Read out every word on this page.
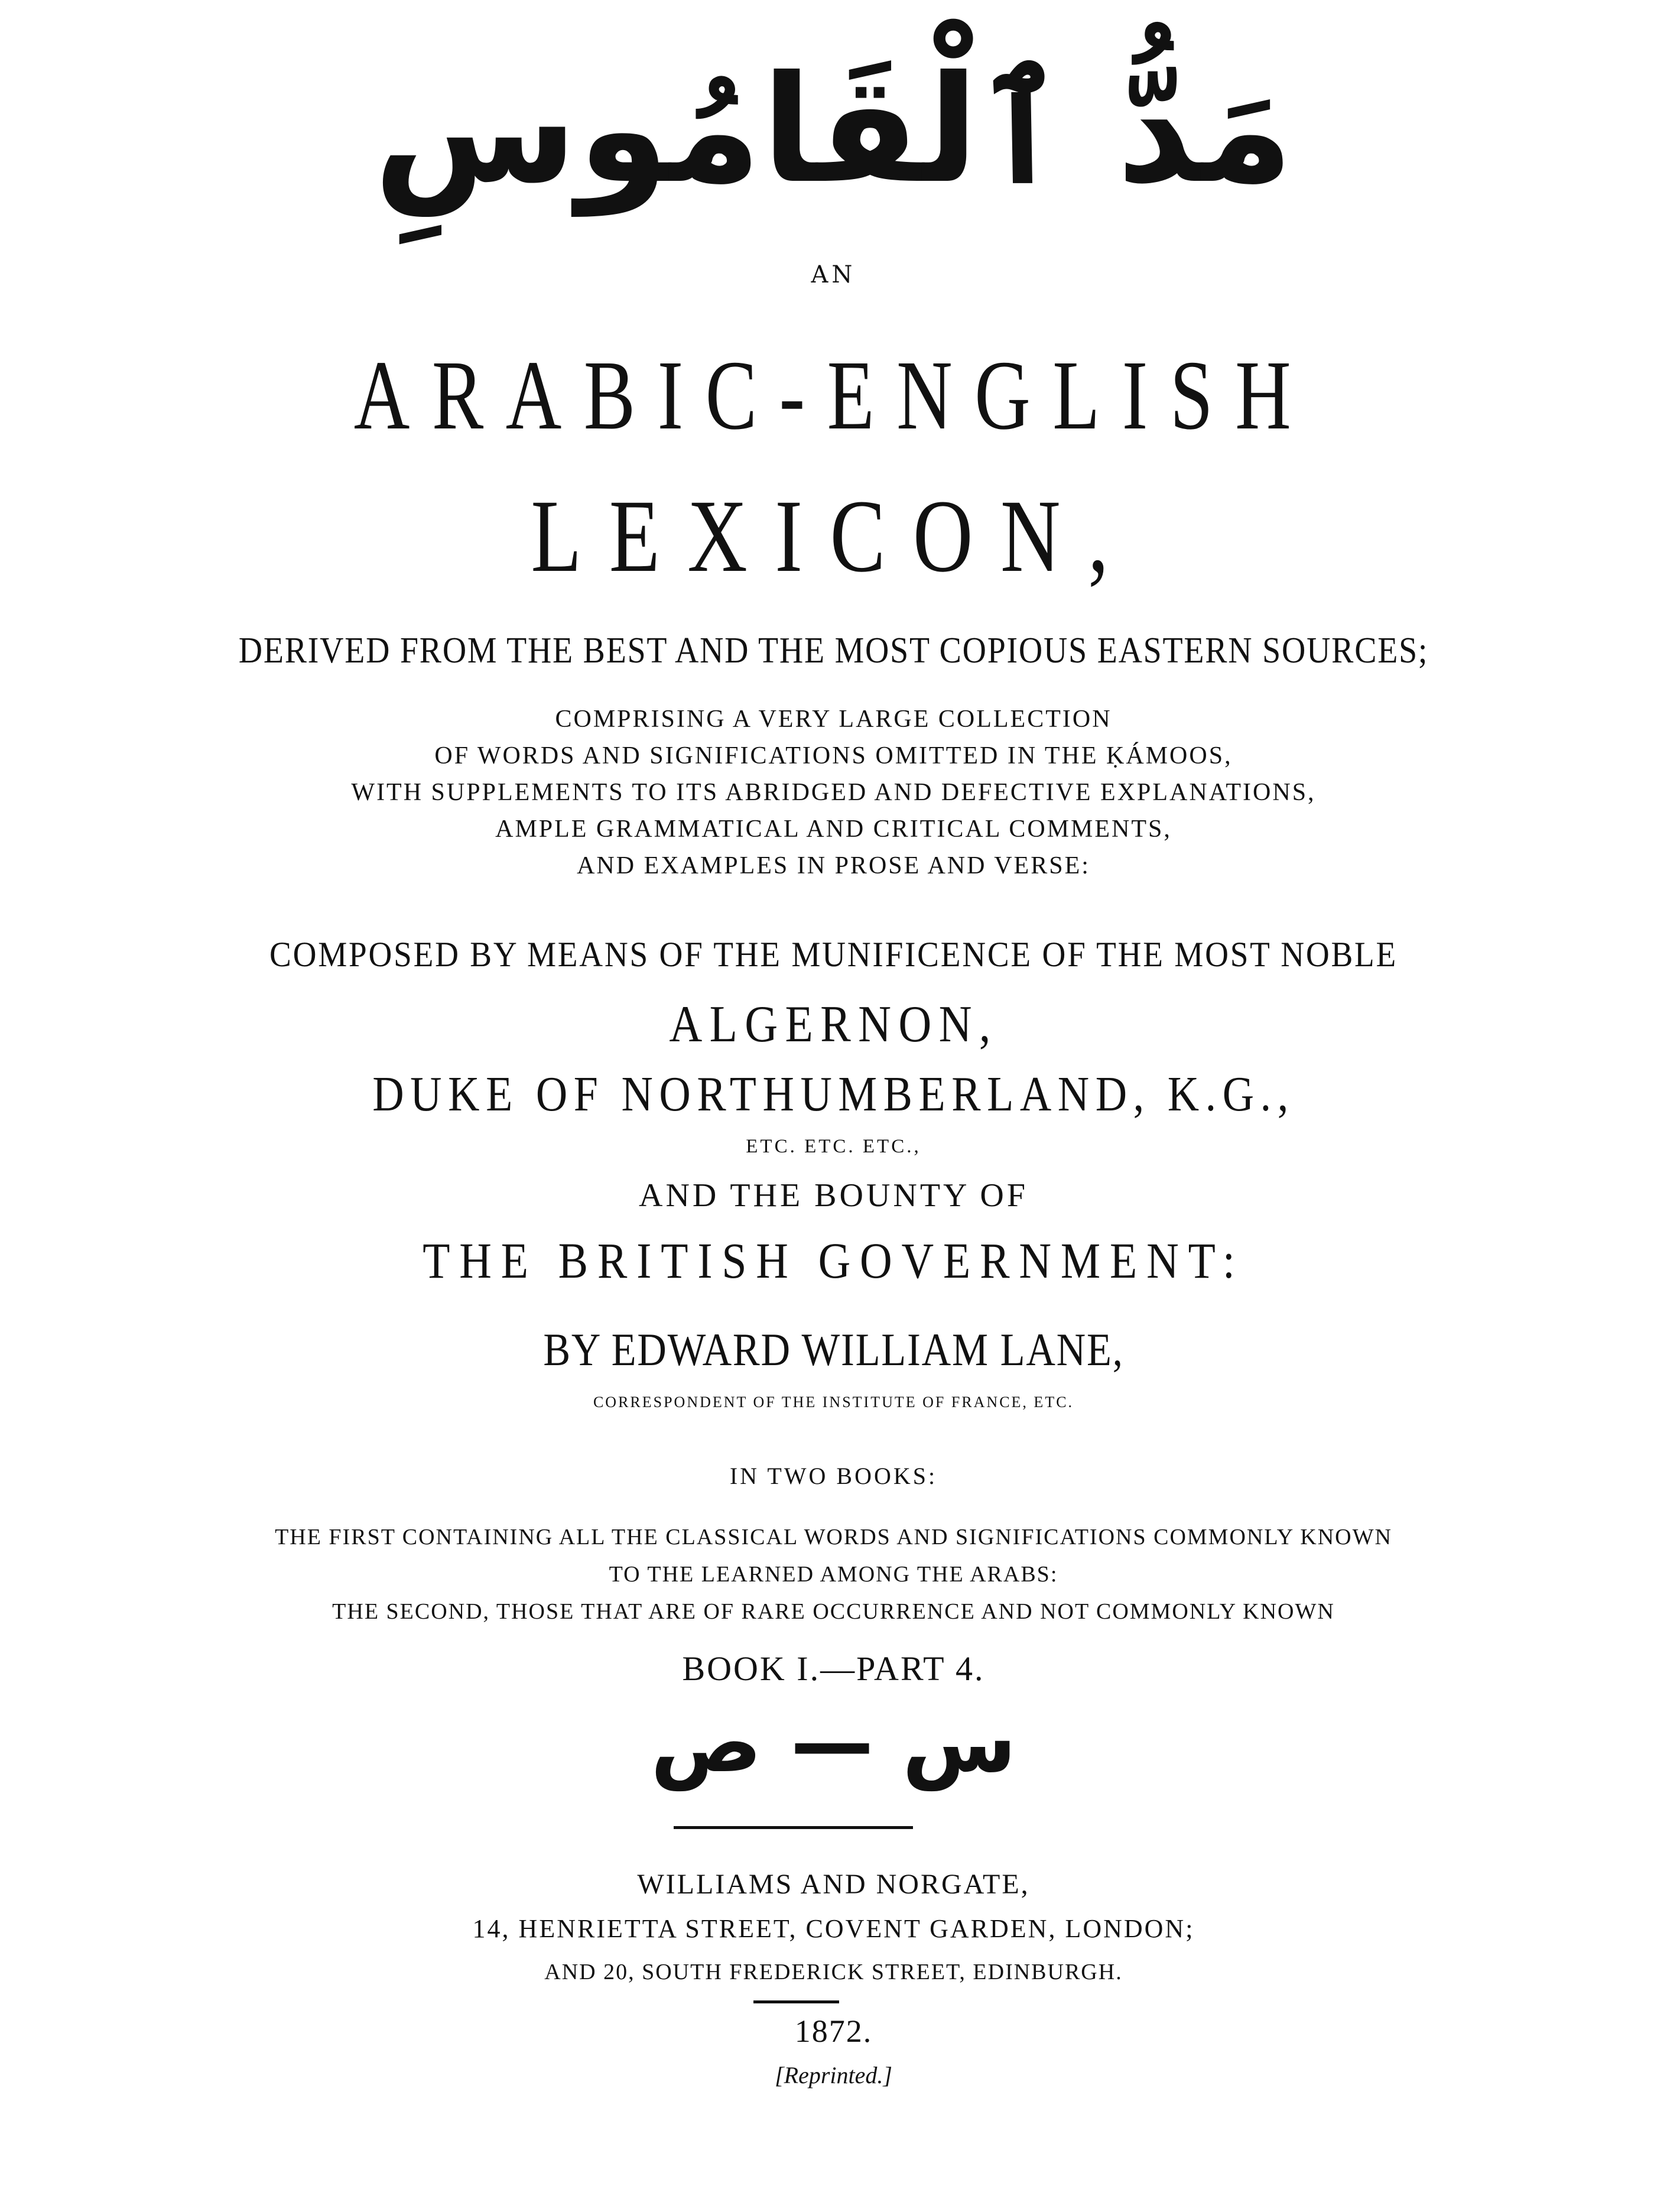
مَدُّ ٱلْقَامُوسِ
AN
ARABIC-ENGLISH
LEXICON,
DERIVED FROM THE BEST AND THE MOST COPIOUS EASTERN SOURCES;
COMPRISING A VERY LARGE COLLECTION
OF WORDS AND SIGNIFICATIONS OMITTED IN THE ḲÁMOOS,
WITH SUPPLEMENTS TO ITS ABRIDGED AND DEFECTIVE EXPLANATIONS,
AMPLE GRAMMATICAL AND CRITICAL COMMENTS,
AND EXAMPLES IN PROSE AND VERSE:
COMPOSED BY MEANS OF THE MUNIFICENCE OF THE MOST NOBLE
ALGERNON,
DUKE OF NORTHUMBERLAND, K.G.,
ETC. ETC. ETC.,
AND THE BOUNTY OF
THE BRITISH GOVERNMENT:
BY EDWARD WILLIAM LANE,
CORRESPONDENT OF THE INSTITUTE OF FRANCE, ETC.
IN TWO BOOKS:
THE FIRST CONTAINING ALL THE CLASSICAL WORDS AND SIGNIFICATIONS COMMONLY KNOWN
TO THE LEARNED AMONG THE ARABS:
THE SECOND, THOSE THAT ARE OF RARE OCCURRENCE AND NOT COMMONLY KNOWN
BOOK I.—PART 4.
س — ص
WILLIAMS AND NORGATE,
14, HENRIETTA STREET, COVENT GARDEN, LONDON;
AND 20, SOUTH FREDERICK STREET, EDINBURGH.
1872.
[Reprinted.]
